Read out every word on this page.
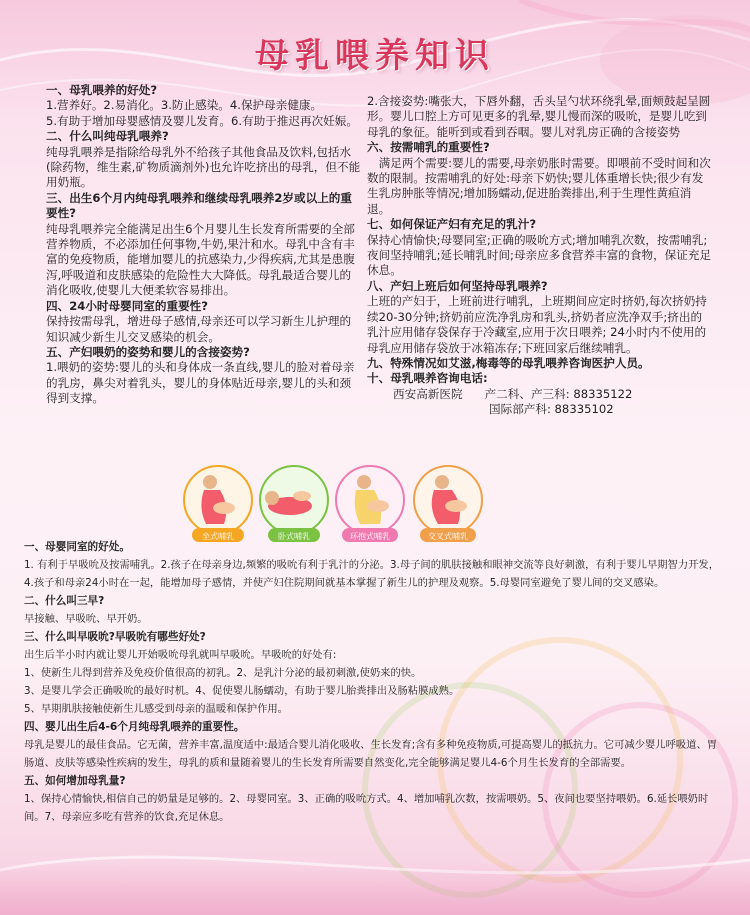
母乳喂养知识
一、母乳喂养的好处?

1.营养好。2.易消化。3.防止感染。4.保护母亲健康。

5.有助于增加母婴感情及婴儿发育。6.有助于推迟再次妊娠。

二、什么叫纯母乳喂养?

纯母乳喂养是指除给母乳外不给孩子其他食品及饮料,包括水(除药物，维生素,矿物质滴剂外)也允许吃挤出的母乳，但不能用奶瓶。

三、出生6个月内纯母乳喂养和继续母乳喂养2岁或以上的重要性?

纯母乳喂养完全能满足出生6个月婴儿生长发育所需要的全部营养物质，不必添加任何事物,牛奶,果汁和水。母乳中含有丰富的免疫物质，能增加婴儿的抗感染力,少得疾病,尤其是患腹泻,呼吸道和皮肤感染的危险性大大降低。母乳最适合婴儿的消化吸收,使婴儿大便柔软容易排出。

四、24小时母婴同室的重要性?

保持按需母乳，增进母子感情,母亲还可以学习新生儿护理的知识减少新生儿交叉感染的机会。

五、产妇喂奶的姿势和婴儿的含接姿势?

1.喂奶的姿势:婴儿的头和身体成一条直线,婴儿的脸对着母亲的乳房，鼻尖对着乳头，婴儿的身体贴近母亲,婴儿的头和颈得到支撑。

2.含接姿势:嘴张大，下唇外翻，舌头呈勺状环绕乳晕,面颊鼓起呈圆形。婴儿口腔上方可见更多的乳晕,婴儿慢而深的吸吮，是婴儿吃到母乳的象征。能听到或看到吞咽。婴儿对乳房正确的含接姿势

六、按需哺乳的重要性?

满足两个需要:婴儿的需要,母亲奶胀时需要。即喂前不受时间和次数的限制。按需哺乳的好处:母亲下奶快;婴儿体重增长快;很少有发生乳房肿胀等情况;增加肠蠕动,促进胎粪排出,利于生理性黄疸消退。

七、如何保证产妇有充足的乳汁?

保持心情愉快;母婴同室;正确的吸吮方式;增加哺乳次数，按需哺乳;夜间坚持哺乳;延长哺乳时间;母亲应多食营养丰富的食物，保证充足休息。

八、产妇上班后如何坚持母乳喂养?

上班的产妇于，上班前进行哺乳，上班期间应定时挤奶,每次挤奶持续20-30分钟;挤奶前应洗净乳房和乳头,挤奶者应洗净双手;挤出的乳汁应用储存袋保存于冷藏室,应用于次日喂养; 24小时内不使用的母乳应用储存袋放于冰箱冻存;下班回家后继续哺乳。

九、特殊情况如艾滋,梅毒等的母乳喂养咨询医护人员。
十、母乳喂养咨询电话:
西安高新医院 产二科、产三科: 88335122
国际部产科: 88335102
坐式哺乳	卧式哺乳	环抱式哺乳	交叉式哺乳
一、母婴同室的好处。

1. 有利于早吸吮及按需哺乳。2.孩子在母亲身边,频繁的吸吮有利于乳汁的分泌。3.母子间的肌肤接触和眼神交流等良好刺激，有利于婴儿早期智力开发，4.孩子和母亲24小时在一起，能增加母子感情，并使产妇住院期间就基本掌握了新生儿的护理及观察。5.母婴同室避免了婴儿间的交叉感染。

二、什么叫三早?

早接触、早吸吮、早开奶。

三、什么叫早吸吮?早吸吮有哪些好处?

出生后半小时内就让婴儿开始吸吮母乳就叫早吸吮。早吸吮的好处有:

1、使新生儿得到营养及免疫价值很高的初乳。2、是乳汁分泌的最初刺激,使奶来的快。

3、是婴儿学会正确吸吮的最好时机。4、促使婴儿肠蠕动，有助于婴儿胎粪排出及肠粘膜成熟。

5、早期肌肤接触使新生儿感受到母亲的温暖和保护作用。

四、婴儿出生后4-6个月纯母乳喂养的重要性。

母乳是婴儿的最佳食品。它无菌，营养丰富,温度适中:最适合婴儿消化吸收、生长发育;含有多种免疫物质,可提高婴儿的抵抗力。它可减少婴儿呼吸道、胃肠道、皮肤等感染性疾病的发生，母乳的质和量随着婴儿的生长发育所需要自然变化,完全能够满足婴儿4-6个月生长发育的全部需要。

五、如何增加母乳量?

1、保持心情愉快,相信自己的奶量是足够的。2、母婴同室。3、正确的吸吮方式。4、增加哺乳次数，按需喂奶。5、夜间也要坚持喂奶。6.延长喂奶时间。7、母亲应多吃有营养的饮食,充足休息。
